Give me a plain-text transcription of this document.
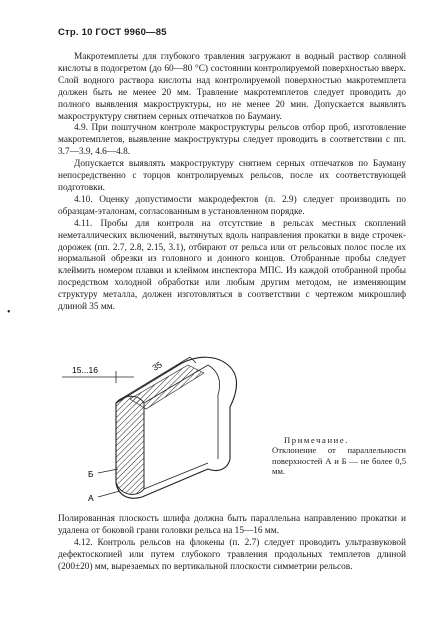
Стр. 10 ГОСТ 9960—85
•

Макротемплеты для глубокого травления загружают в водный раствор соляной кислоты в подогретом (до 60—80 °С) состоянии контролируемой поверхностью вверх. Слой водного раствора кислоты над контролируемой поверхностью макротемплета должен быть не менее 20 мм. Травление макротемплетов следует проводить до полного выявления макроструктуры, но не менее 20 мин. Допускается выявлять макроструктуру снятием серных отпечатков по Бауману.

4.9. При поштучном контроле макроструктуры рельсов отбор проб, изготовление макротемплетов, выявление макроструктуры следует проводить в соответствии с пп. 3.7—3.9, 4.6—4.8.

Допускается выявлять макроструктуру снятием серных отпечатков по Бауману непосредственно с торцов контролируемых рельсов, после их соответствующей подготовки.

4.10. Оценку допустимости макродефектов (п. 2.9) следует производить по образцам-эталонам, согласованным в установленном порядке.

4.11. Пробы для контроля на отсутствие в рельсах местных скоплений неметаллических включений, вытянутых вдоль направления прокатки в виде строчек-дорожек (пп. 2.7, 2.8, 2.15, 3.1), отбирают от рельса или от рельсовых полос после их нормальной обрезки из головного и донного концов. Отобранные пробы следует клеймить номером плавки и клеймом инспектора МПС. Из каждой отобранной пробы посредством холодной обработки или любым другим методом, не изменяющим структуру металла, должен изготовляться в соответствии с чертежом микрошлиф длиной 35 мм.

15...16	35
Б
А
Примечание.
Отклонение от параллельности поверхностей А и Б — не более 0,5 мм.

Полированная плоскость шлифа должна быть параллельна направлению прокатки и удалена от боковой грани головки рельса на 15—16 мм.

4.12. Контроль рельсов на флокены (п. 2.7) следует проводить ультразвуковой дефектоскопией или путем глубокого травления продольных темплетов длиной (200±20) мм, вырезаемых по вертикальной плоскости симметрии рельсов.
